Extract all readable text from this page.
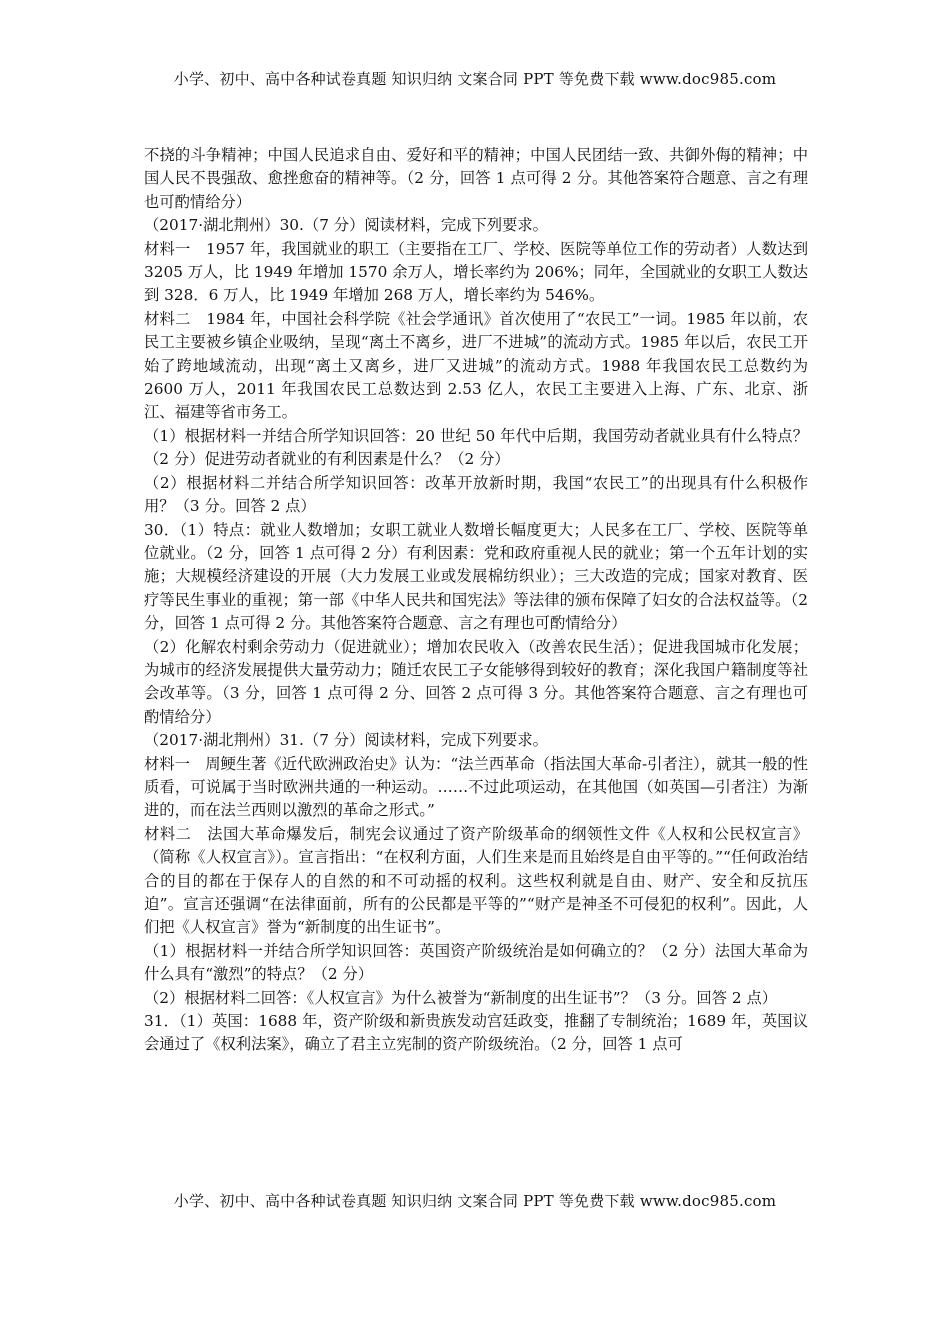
小学、初中、高中各种试卷真题 知识归纳 文案合同 PPT 等免费下载 www.doc985.com

不挠的斗争精神；中国人民追求自由、爱好和平的精神；中国人民团结一致、共御外侮的精神；中国人民不畏强敌、愈挫愈奋的精神等。（2 分，回答 1 点可得 2 分。其他答案符合题意、言之有理也可酌情给分）

（2017·湖北荆州）30.（7 分）阅读材料，完成下列要求。

材料一　1957 年，我国就业的职工（主要指在工厂、学校、医院等单位工作的劳动者）人数达到 3205 万人，比 1949 年增加 1570 余万人，增长率约为 206%；同年，全国就业的女职工人数达到 328．6 万人，比 1949 年增加 268 万人，增长率约为 546%。

材料二　1984 年，中国社会科学院《社会学通讯》首次使用了“农民工”一词。1985 年以前，农民工主要被乡镇企业吸纳，呈现“离土不离乡，进厂不进城”的流动方式。1985 年以后，农民工开始了跨地域流动，出现“离土又离乡，进厂又进城”的流动方式。1988 年我国农民工总数约为 2600 万人，2011 年我国农民工总数达到 2.53 亿人，农民工主要进入上海、广东、北京、浙江、福建等省市务工。

（1）根据材料一并结合所学知识回答：20 世纪 50 年代中后期，我国劳动者就业具有什么特点？（2 分）促进劳动者就业的有利因素是什么？（2 分）

（2）根据材料二并结合所学知识回答：改革开放新时期，我国“农民工”的出现具有什么积极作用？（3 分。回答 2 点）

30．（1）特点：就业人数增加；女职工就业人数增长幅度更大；人民多在工厂、学校、医院等单位就业。（2 分，回答 1 点可得 2 分）有利因素：党和政府重视人民的就业；第一个五年计划的实施；大规模经济建设的开展（大力发展工业或发展棉纺织业）；三大改造的完成；国家对教育、医疗等民生事业的重视；第一部《中华人民共和国宪法》等法律的颁布保障了妇女的合法权益等。（2 分，回答 1 点可得 2 分。其他答案符合题意、言之有理也可酌情给分）

（2）化解农村剩余劳动力（促进就业）；增加农民收入（改善农民生活）；促进我国城市化发展；为城市的经济发展提供大量劳动力；随迁农民工子女能够得到较好的教育；深化我国户籍制度等社会改革等。（3 分，回答 1 点可得 2 分、回答 2 点可得 3 分。其他答案符合题意、言之有理也可酌情给分）

（2017·湖北荆州）31.（7 分）阅读材料，完成下列要求。

材料一　周鲠生著《近代欧洲政治史》认为：“法兰西革命（指法国大革命-引者注），就其一般的性质看，可说属于当时欧洲共通的一种运动。……不过此项运动，在其他国（如英国—引者注）为渐进的，而在法兰西则以激烈的革命之形式。”

材料二　法国大革命爆发后，制宪会议通过了资产阶级革命的纲领性文件《人权和公民权宣言》（简称《人权宣言》）。宣言指出：“在权利方面，人们生来是而且始终是自由平等的。”“任何政治结合的目的都在于保存人的自然的和不可动摇的权利。这些权利就是自由、财产、安全和反抗压迫”。宣言还强调“在法律面前，所有的公民都是平等的”“财产是神圣不可侵犯的权利”。因此，人们把《人权宣言》誉为“新制度的出生证书”。

（1）根据材料一并结合所学知识回答：英国资产阶级统治是如何确立的？（2 分）法国大革命为什么具有“激烈”的特点？（2 分）

（2）根据材料二回答：《人权宣言》为什么被誉为“新制度的出生证书”？（3 分。回答 2 点）

31．（1）英国：1688 年，资产阶级和新贵族发动宫廷政变，推翻了专制统治；1689 年，英国议会通过了《权利法案》，确立了君主立宪制的资产阶级统治。（2 分，回答 1 点可

小学、初中、高中各种试卷真题 知识归纳 文案合同 PPT 等免费下载 www.doc985.com
